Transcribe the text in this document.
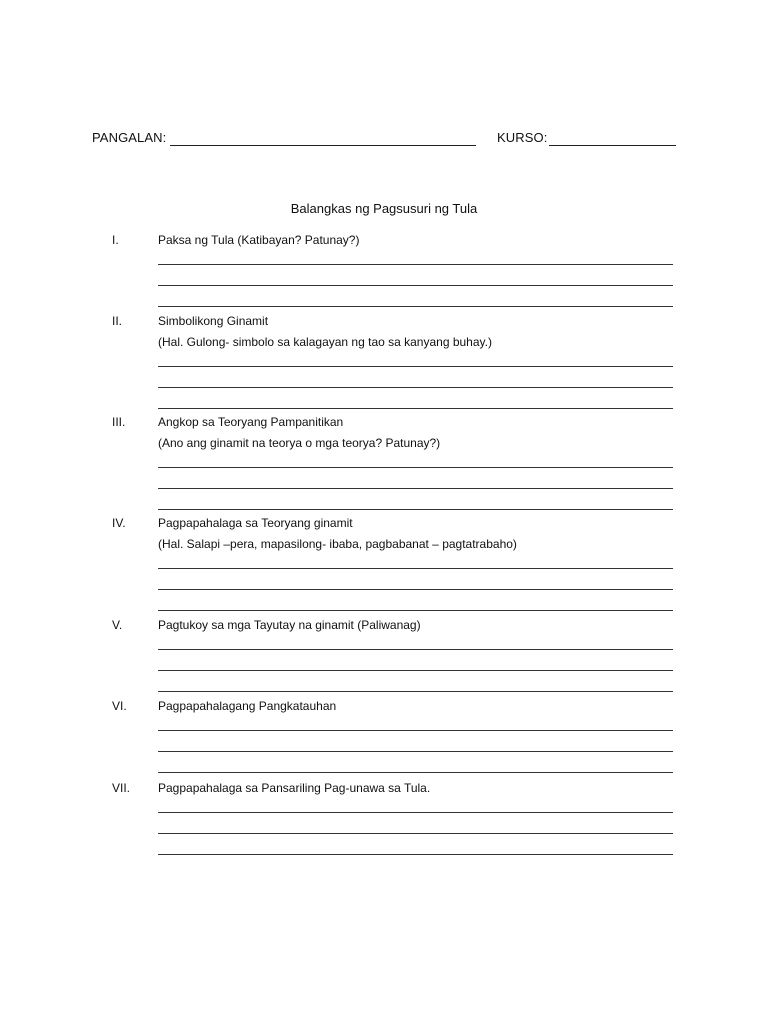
PANGALAN:	KURSO:
Balangkas ng Pagsusuri ng Tula
I.	Paksa ng Tula (Katibayan? Patunay?)
II.	Simbolikong Ginamit
(Hal. Gulong- simbolo sa kalagayan ng tao sa kanyang buhay.)
III.	Angkop sa Teoryang Pampanitikan
(Ano ang ginamit na teorya o mga teorya? Patunay?)
IV.	Pagpapahalaga sa Teoryang ginamit
(Hal. Salapi –pera, mapasilong- ibaba, pagbabanat – pagtatrabaho)
V.	Pagtukoy sa mga Tayutay na ginamit (Paliwanag)
VI.	Pagpapahalagang Pangkatauhan
VII. Pagpapahalaga sa Pansariling Pag-unawa sa Tula.
